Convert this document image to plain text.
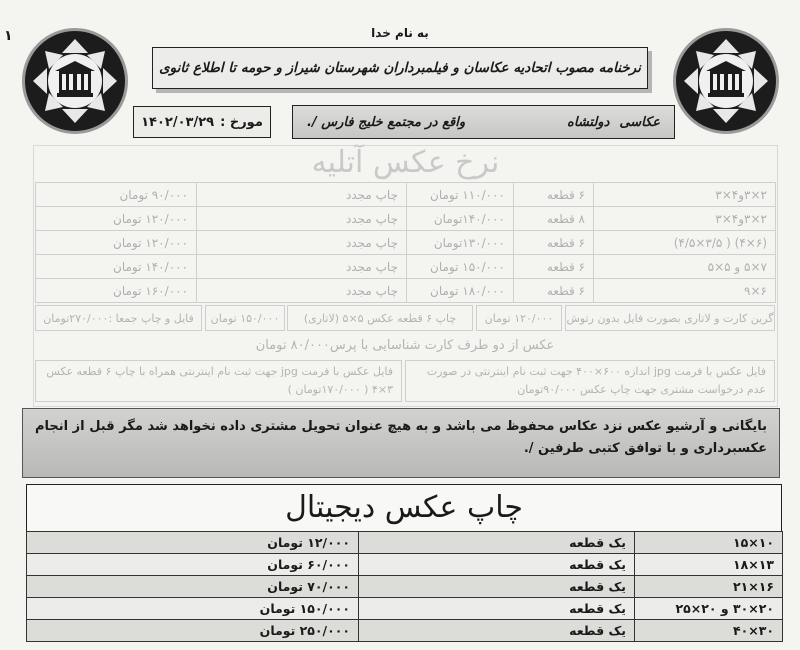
۱	به نام خدا
نرخنامه مصوب اتحادیه عکاسان و فیلمبرداران شهرستان شیراز و حومه تا اطلاع ثانوی
مورخ :
۱۴۰۲/۰۳/۲۹	عکاسی
دولتشاه
واقع در مجتمع خلیج فارس /.
نرخ عکس آتلیه
۲×۳و۴×۳	۶ قطعه	۱۱۰/۰۰۰ تومان	چاپ مجدد	۹۰/۰۰۰ تومان
۲×۳و۴×۳	۸ قطعه	۱۴۰/۰۰۰تومان	چاپ مجدد	۱۲۰/۰۰۰ تومان
(۶×۴) ( ۳/۵×۴/۵)	۶ قطعه	۱۳۰/۰۰۰تومان	چاپ مجدد	۱۲۰/۰۰۰ تومان
۷×۵ و ۵×۵	۶ قطعه	۱۵۰/۰۰۰ تومان	چاپ مجدد	۱۴۰/۰۰۰ تومان
۶×۹	۶ قطعه	۱۸۰/۰۰۰ تومان	چاپ مجدد	۱۶۰/۰۰۰ تومان
گرین کارت و لاتاری بصورت فایل بدون رتوش
۱۲۰/۰۰۰ تومان
چاپ ۶ قطعه عکس ۵×۵ (لاتاری)
۱۵۰/۰۰۰ تومان
فایل و چاپ جمعا :۲۷۰/۰۰۰تومان
عکس از دو طرف کارت شناسایی با پرس۸۰/۰۰۰ تومان
فایل عکس با فرمت jpg اندازه ۶۰۰×۴۰۰ جهت ثبت نام اینترنتی در صورت عدم درخواست مشتری جهت چاپ عکس ۹۰/۰۰۰تومان
فایل عکس با فرمت jpg جهت ثبت نام اینترنتی همراه با چاپ ۶ قطعه عکس ۳×۴ ( ۱۷۰/۰۰۰تومان )
بایگانی و آرشیو عکس نزد عکاس محفوظ می باشد و به هیچ عنوان تحویل مشتری داده نخواهد شد مگر قبل از انجام عکسبرداری و با توافق کتبی طرفین /.
چاپ عکس دیجیتال
۱۰×۱۵	یک قطعه	۱۲/۰۰۰ تومان
۱۳×۱۸	یک قطعه	۶۰/۰۰۰ تومان
۱۶×۲۱	یک قطعه	۷۰/۰۰۰ تومان
۲۰×۳۰ و ۲۰×۲۵	یک قطعه	۱۵۰/۰۰۰ تومان
۳۰×۴۰	یک قطعه	۲۵۰/۰۰۰ تومان
